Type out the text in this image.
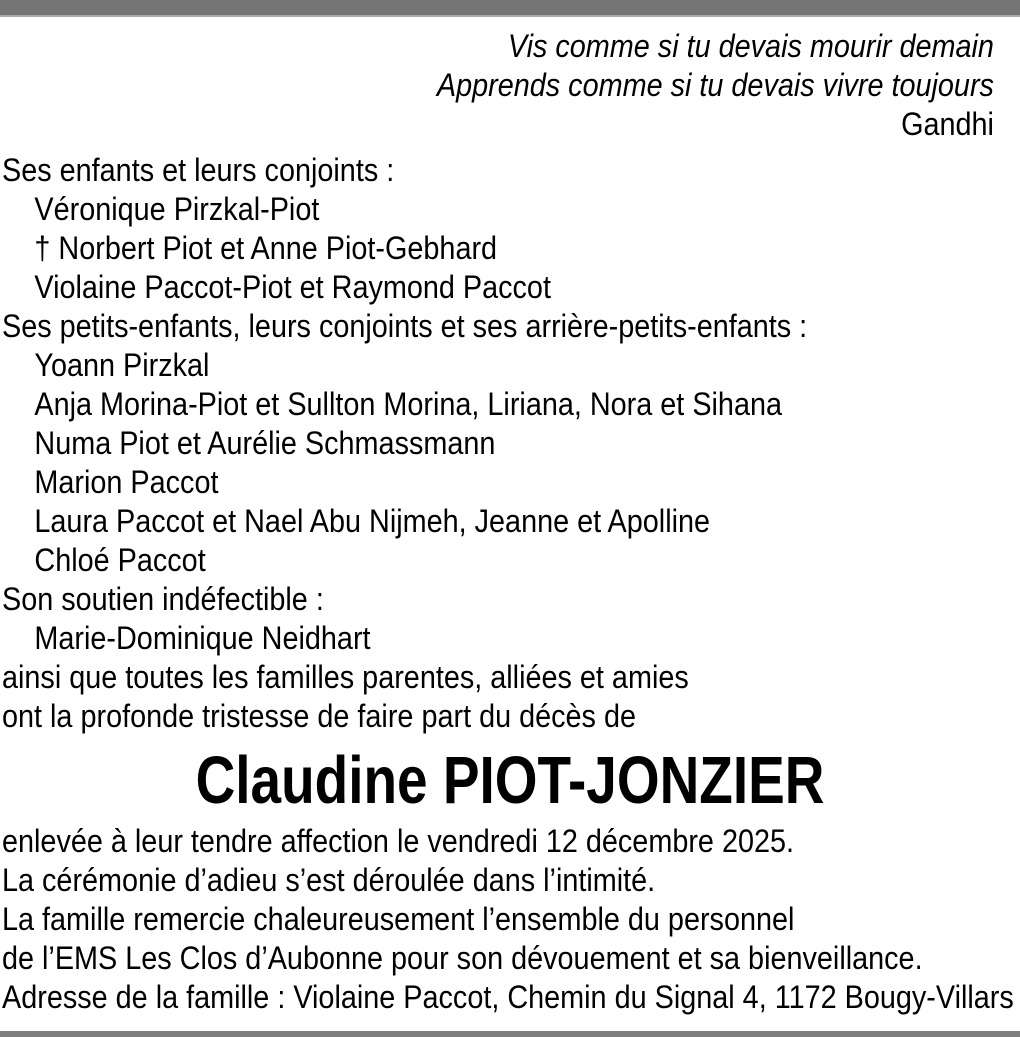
Vis comme si tu devais mourir demain
Apprends comme si tu devais vivre toujours
Gandhi
Ses enfants et leurs conjoints :
Véronique Pirzkal-Piot
† Norbert Piot et Anne Piot-Gebhard
Violaine Paccot-Piot et Raymond Paccot
Ses petits-enfants, leurs conjoints et ses arrière-petits-enfants :
Yoann Pirzkal
Anja Morina-Piot et Sullton Morina, Liriana, Nora et Sihana
Numa Piot et Aurélie Schmassmann
Marion Paccot
Laura Paccot et Nael Abu Nijmeh, Jeanne et Apolline
Chloé Paccot
Son soutien indéfectible :
Marie-Dominique Neidhart
ainsi que toutes les familles parentes, alliées et amies
ont la profonde tristesse de faire part du décès de
Claudine PIOT-JONZIER
enlevée à leur tendre affection le vendredi 12 décembre 2025.
La cérémonie d’adieu s’est déroulée dans l’intimité.
La famille remercie chaleureusement l’ensemble du personnel
de l’EMS Les Clos d’Aubonne pour son dévouement et sa bienveillance.
Adresse de la famille : Violaine Paccot, Chemin du Signal 4, 1172 Bougy-Villars
